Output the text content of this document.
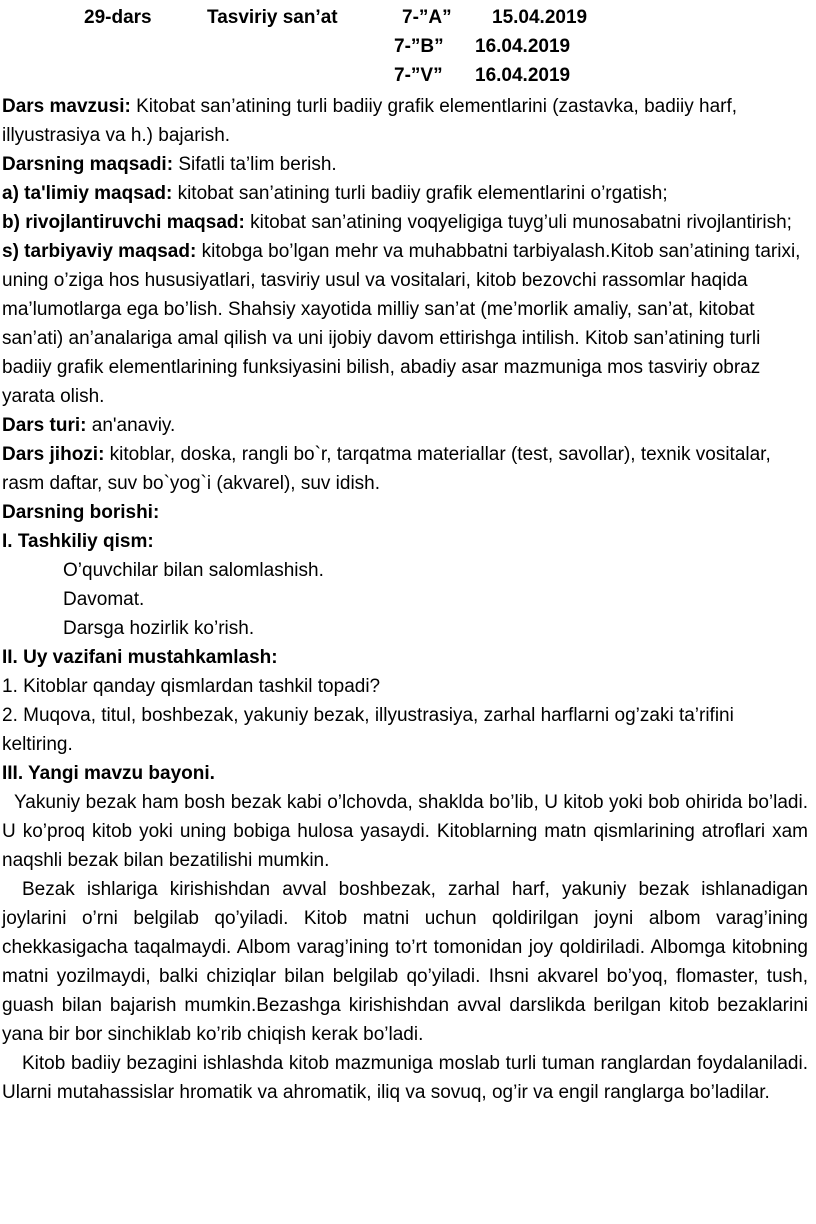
29-dars	Tasviriy san’at	7-”A” 15.04.2019
7-”B” 16.04.2019
7-”V” 16.04.2019

Dars mavzusi: Kitobat san’atining turli badiiy grafik elementlarini (zastavka, badiiy harf, illyustrasiya va h.) bajarish.

Darsning maqsadi: Sifatli ta’lim berish.

a) ta'limiy maqsad: kitobat san’atining turli badiiy grafik elementlarini o’rgatish;

b) rivojlantiruvchi maqsad: kitobat san’atining voqyeligiga tuyg’uli munosabatni rivojlantirish;

s) tarbiyaviy maqsad: kitobga bo’lgan mehr va muhabbatni tarbiyalash.Kitob san’atining tarixi, uning o’ziga hos hususiyatlari, tasviriy usul va vositalari, kitob bezovchi rassomlar haqida ma’lumotlarga ega bo’lish. Shahsiy xayotida milliy san’at (me’morlik amaliy, san’at, kitobat san’ati) an’analariga amal qilish va uni ijobiy davom ettirishga intilish. Kitob san’atining turli badiiy grafik elementlarining funksiyasini bilish, abadiy asar mazmuniga mos tasviriy obraz yarata olish.

Dars turi: an'anaviy.

Dars jihozi: kitoblar, doska, rangli bo`r, tarqatma materiallar (test, savollar), texnik vositalar, rasm daftar, suv bo`yog`i (akvarel), suv idish.

Darsning borishi:

I. Tashkiliy qism:

O’quvchilar bilan salomlashish.

Davomat.

Darsga hozirlik ko’rish.

II. Uy vazifani mustahkamlash:

1. Kitoblar qanday qismlardan tashkil topadi?

2. Muqova, titul, boshbezak, yakuniy bezak, illyustrasiya, zarhal harflarni og’zaki ta’rifini keltiring.

III. Yangi mavzu bayoni.

Yakuniy bezak ham bosh bezak kabi o’lchovda, shaklda bo’lib, U kitob yoki bob ohirida bo’ladi. U ko’proq kitob yoki uning bobiga hulosa yasaydi. Kitoblarning matn qismlarining atroflari xam naqshli bezak bilan bezatilishi mumkin.

Bezak ishlariga kirishishdan avval boshbezak, zarhal harf, yakuniy bezak ishlanadigan joylarini o’rni belgilab qo’yiladi. Kitob matni uchun qoldirilgan joyni albom varag’ining chekkasigacha taqalmaydi. Albom varag’ining to’rt tomonidan joy qoldiriladi. Albomga kitobning matni yozilmaydi, balki chiziqlar bilan belgilab qo’yiladi. Ihsni akvarel bo’yoq, flomaster, tush, guash bilan bajarish mumkin.Bezashga kirishishdan avval darslikda berilgan kitob bezaklarini yana bir bor sinchiklab ko’rib chiqish kerak bo’ladi.

Kitob badiiy bezagini ishlashda kitob mazmuniga moslab turli tuman ranglardan foydalaniladi. Ularni mutahassislar hromatik va ahromatik, iliq va sovuq, og’ir va engil ranglarga bo’ladilar.
